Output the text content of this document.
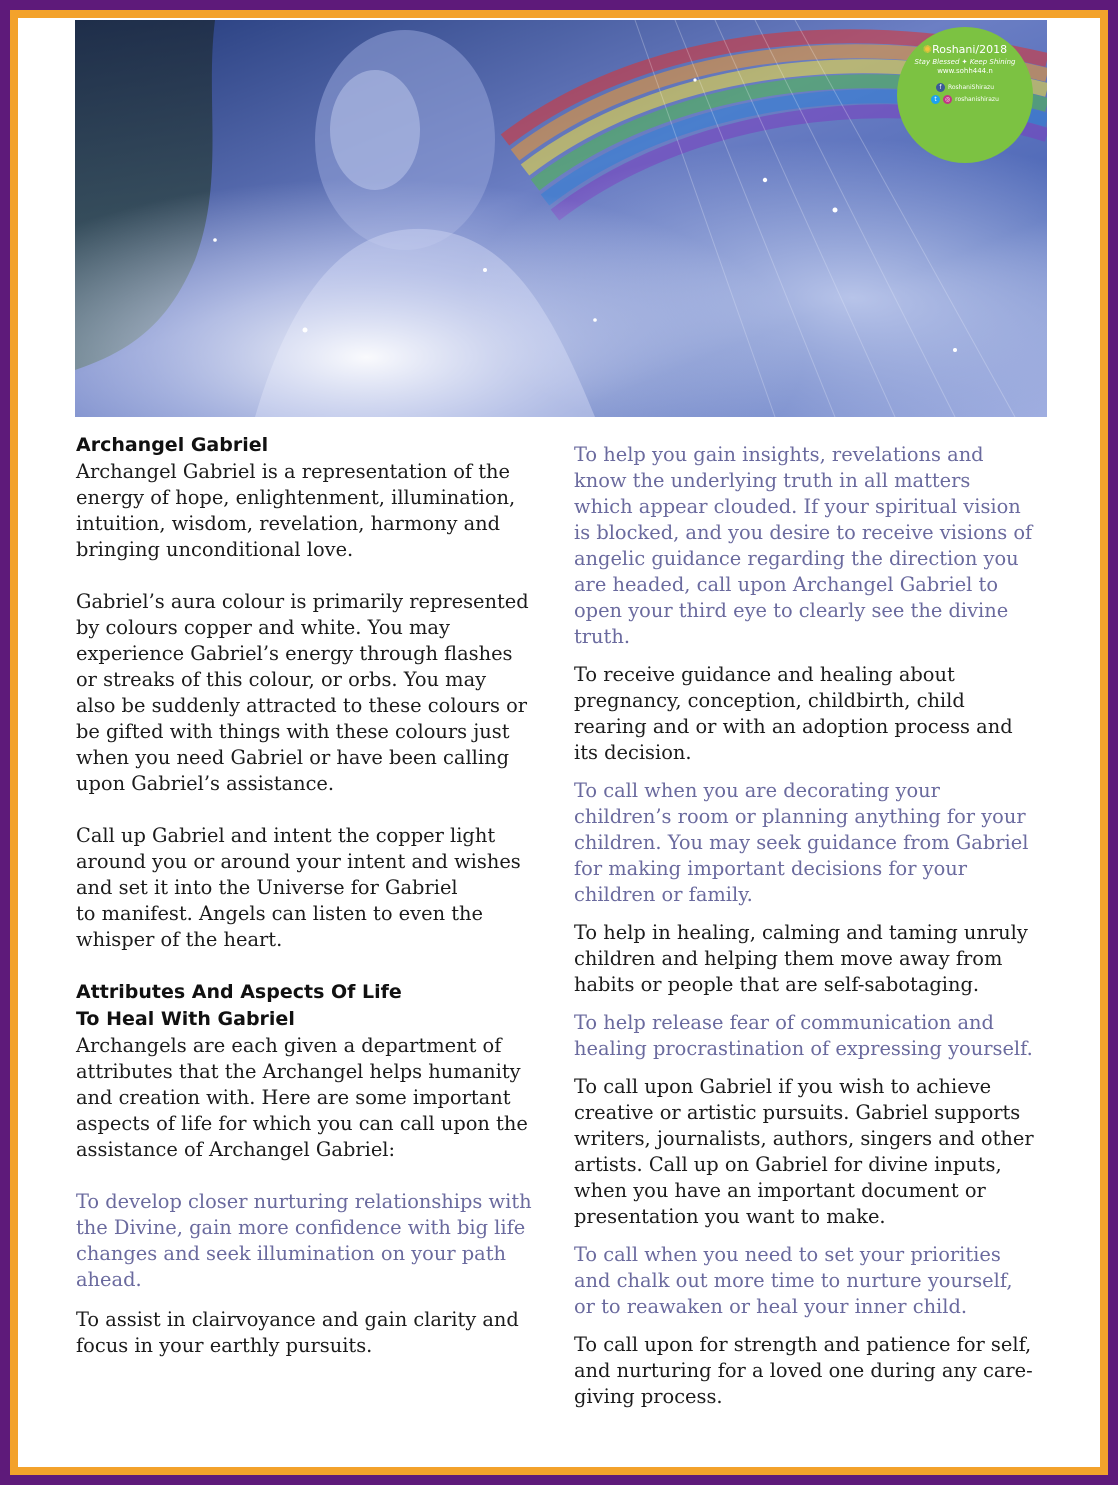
✺Roshani/2018
Stay Blessed ✦ Keep Shining
www.sohh444.n
f RoshaniShirazu
t ◎ roshanishirazu
Archangel Gabriel
Archangel Gabriel is a representation of the
energy of hope, enlightenment, illumination,
intuition, wisdom, revelation, harmony and
bringing unconditional love.
Gabriel’s aura colour is primarily represented
by colours copper and white. You may
experience Gabriel’s energy through flashes
or streaks of this colour, or orbs. You may
also be suddenly attracted to these colours or
be gifted with things with these colours just
when you need Gabriel or have been calling
upon Gabriel’s assistance.
Call up Gabriel and intent the copper light
around you or around your intent and wishes
and set it into the Universe for Gabriel
to manifest. Angels can listen to even the
whisper of the heart.
Attributes And Aspects Of Life
To Heal With Gabriel
Archangels are each given a department of
attributes that the Archangel helps humanity
and creation with. Here are some important
aspects of life for which you can call upon the
assistance of Archangel Gabriel:
To develop closer nurturing relationships with
the Divine, gain more confidence with big life
changes and seek illumination on your path
ahead.
To assist in clairvoyance and gain clarity and
focus in your earthly pursuits.
To help you gain insights, revelations and
know the underlying truth in all matters
which appear clouded. If your spiritual vision
is blocked, and you desire to receive visions of
angelic guidance regarding the direction you
are headed, call upon Archangel Gabriel to
open your third eye to clearly see the divine
truth.
To receive guidance and healing about
pregnancy, conception, childbirth, child
rearing and or with an adoption process and
its decision.
To call when you are decorating your
children’s room or planning anything for your
children. You may seek guidance from Gabriel
for making important decisions for your
children or family.
To help in healing, calming and taming unruly
children and helping them move away from
habits or people that are self-sabotaging.
To help release fear of communication and
healing procrastination of expressing yourself.
To call upon Gabriel if you wish to achieve
creative or artistic pursuits. Gabriel supports
writers, journalists, authors, singers and other
artists. Call up on Gabriel for divine inputs,
when you have an important document or
presentation you want to make.
To call when you need to set your priorities
and chalk out more time to nurture yourself,
or to reawaken or heal your inner child.
To call upon for strength and patience for self,
and nurturing for a loved one during any care-
giving process.
